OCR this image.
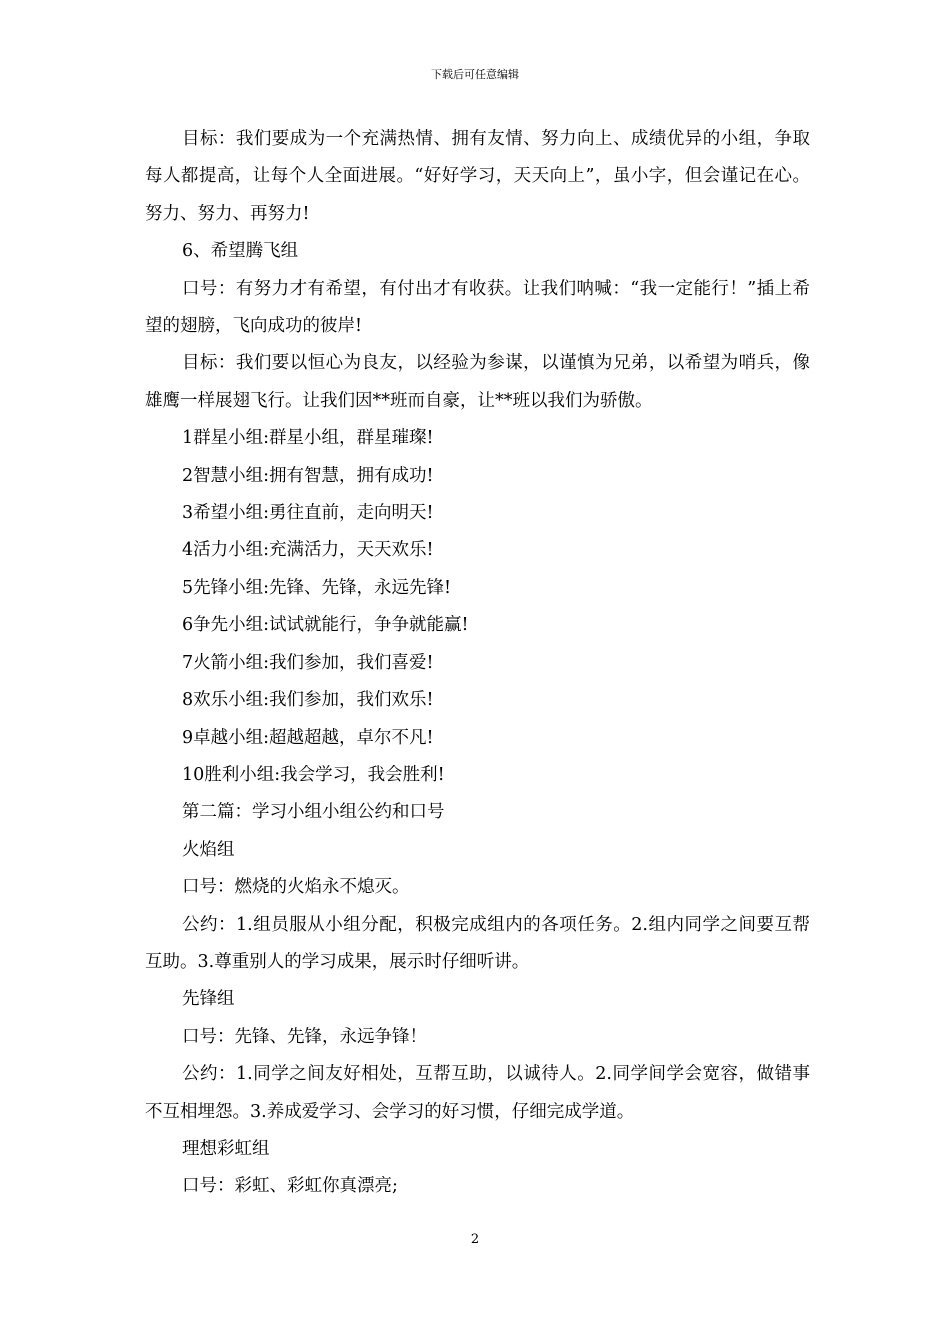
下载后可任意编辑

目标：我们要成为一个充满热情、拥有友情、努力向上、成绩优异的小组，争取每人都提高，让每个人全面进展。“好好学习，天天向上”，虽小字，但会谨记在心。努力、努力、再努力!

6、希望腾飞组

口号：有努力才有希望，有付出才有收获。让我们呐喊：“我一定能行！”插上希望的翅膀，飞向成功的彼岸!

目标：我们要以恒心为良友，以经验为参谋，以谨慎为兄弟，以希望为哨兵，像雄鹰一样展翅飞行。让我们因**班而自豪，让**班以我们为骄傲。

1群星小组:群星小组，群星璀璨!

2智慧小组:拥有智慧，拥有成功!

3希望小组:勇往直前，走向明天!

4活力小组:充满活力，天天欢乐!

5先锋小组:先锋、先锋，永远先锋!

6争先小组:试试就能行，争争就能赢!

7火箭小组:我们参加，我们喜爱!

8欢乐小组:我们参加，我们欢乐!

9卓越小组:超越超越，卓尔不凡!

10胜利小组:我会学习，我会胜利!

第二篇：学习小组小组公约和口号

火焰组

口号：燃烧的火焰永不熄灭。

公约：1.组员服从小组分配，积极完成组内的各项任务。2.组内同学之间要互帮互助。3.尊重别人的学习成果，展示时仔细听讲。

先锋组

口号：先锋、先锋，永远争锋！

公约：1.同学之间友好相处，互帮互助，以诚待人。2.同学间学会宽容，做错事不互相埋怨。3.养成爱学习、会学习的好习惯，仔细完成学道。

理想彩虹组

口号：彩虹、彩虹你真漂亮;

2
